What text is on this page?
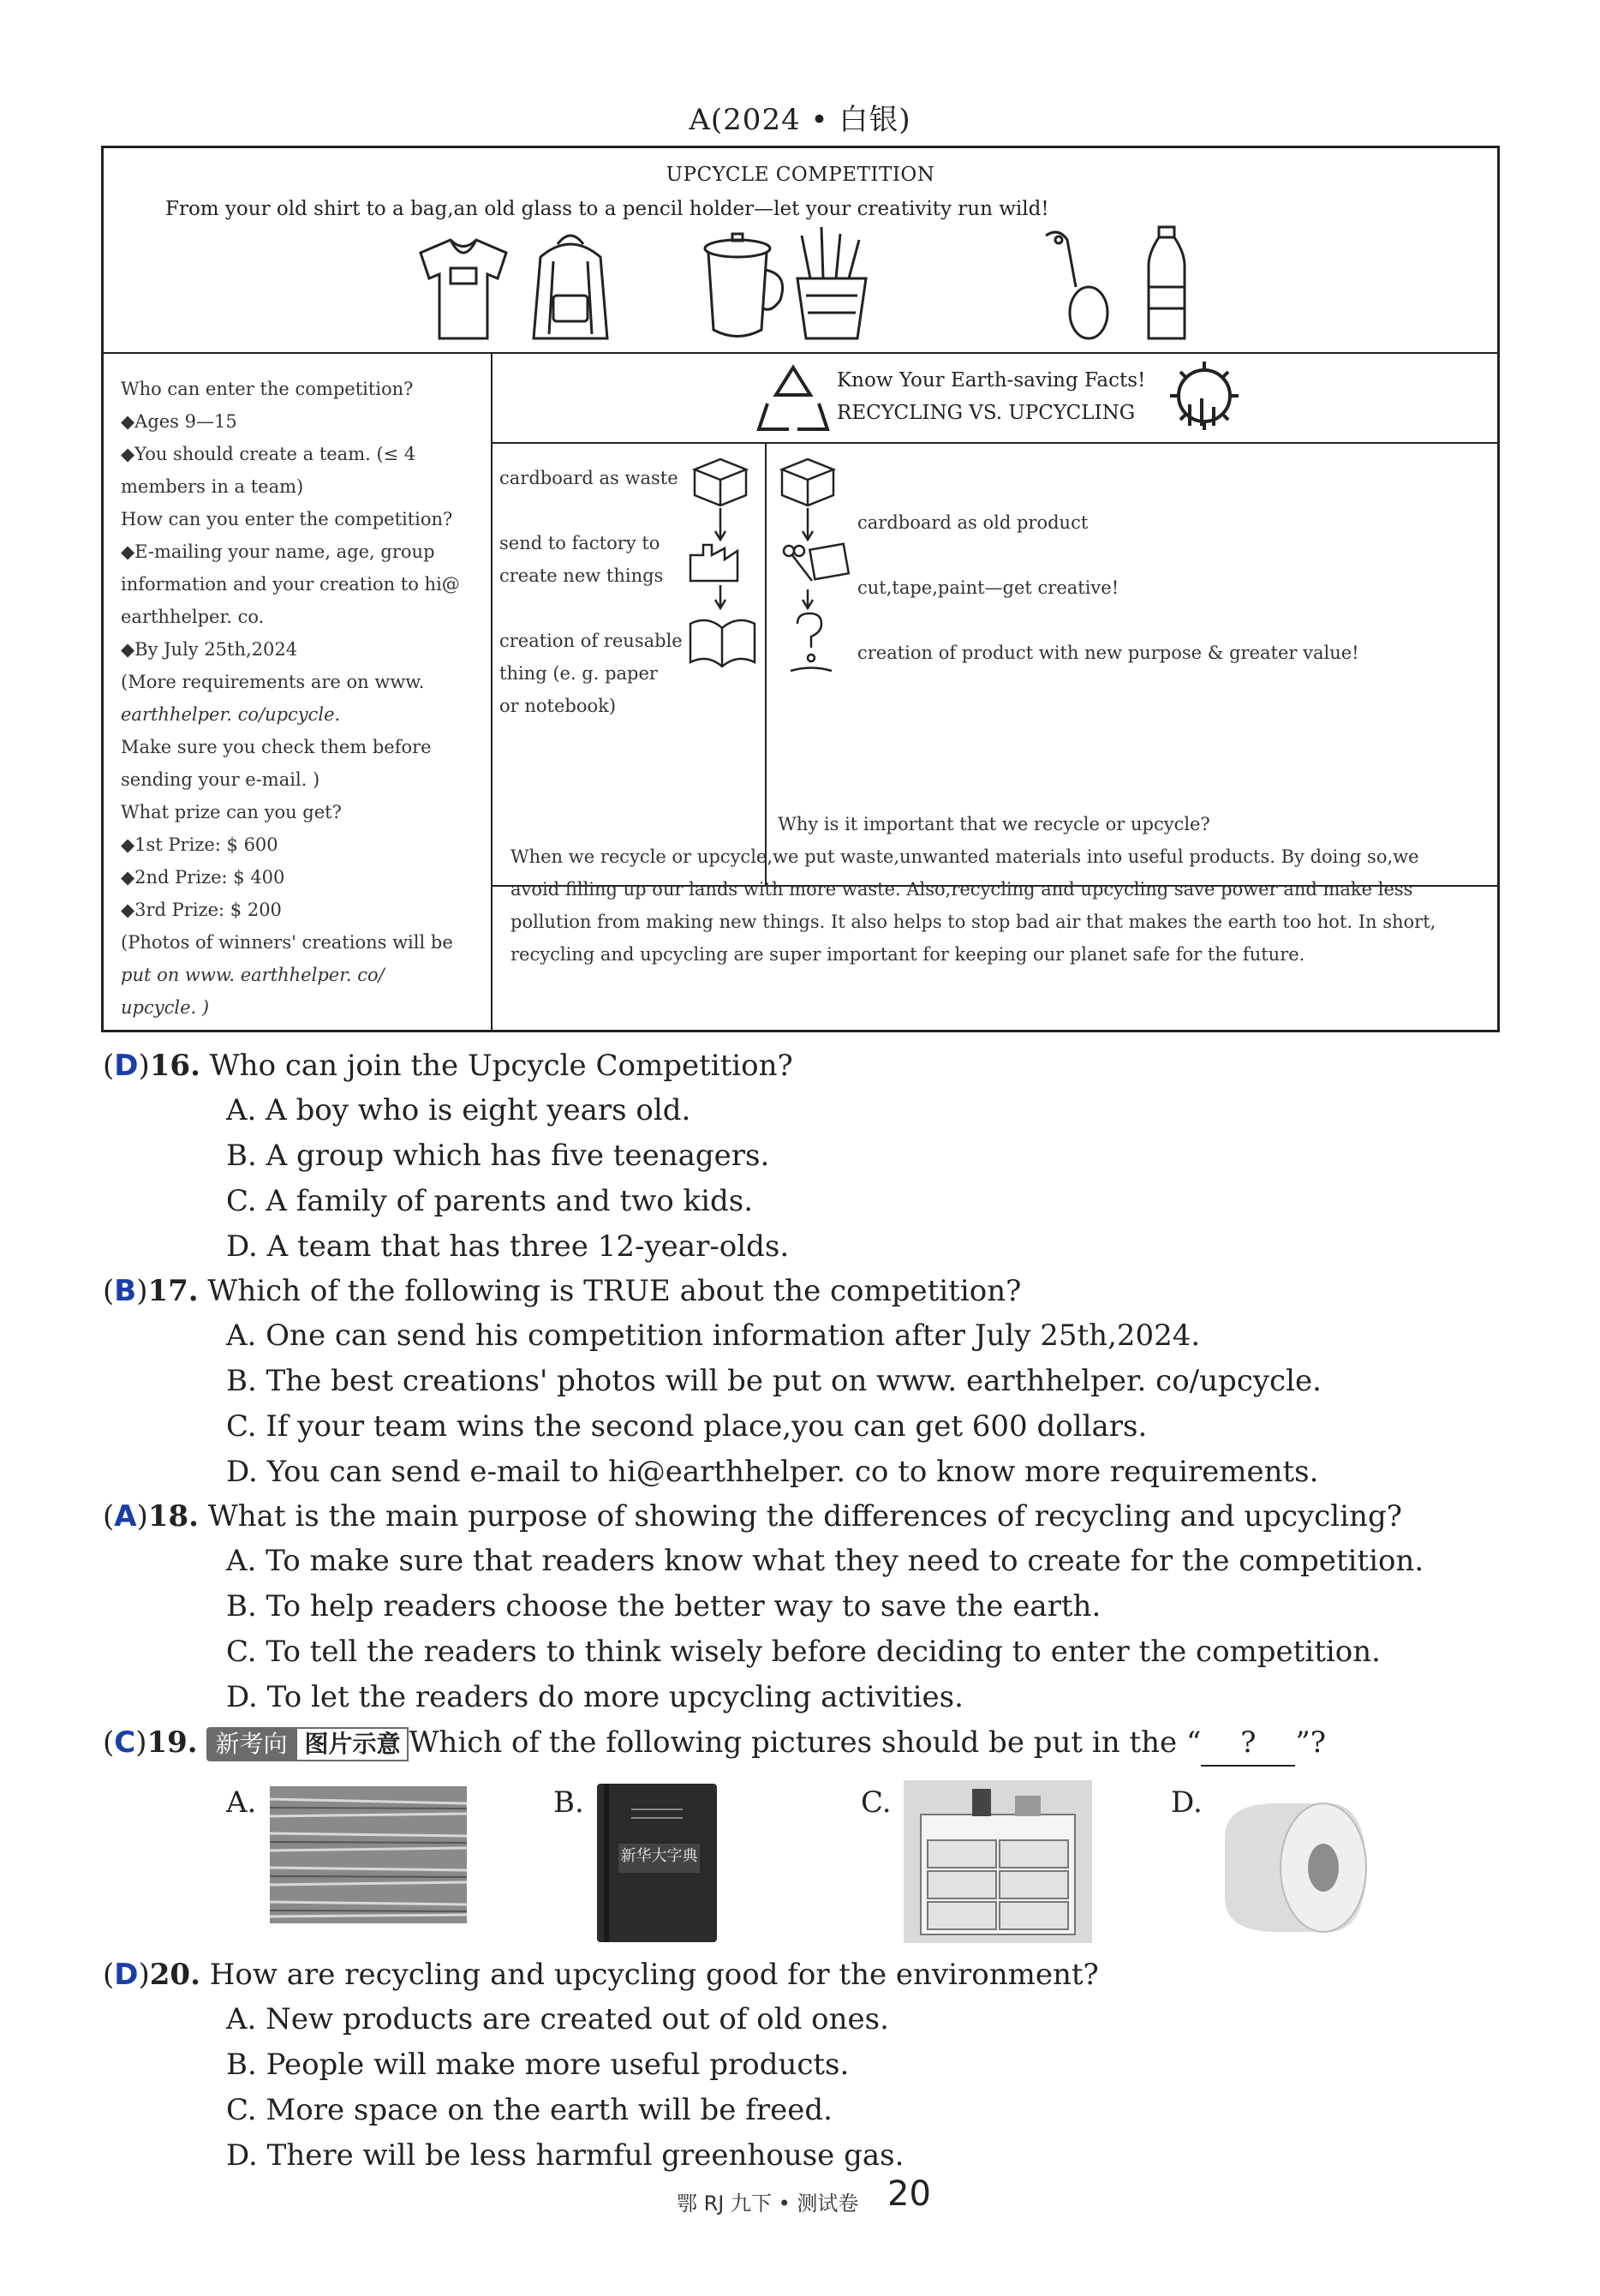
A(2024 • 白银)
UPCYCLE COMPETITION
From your old shirt to a bag,an old glass to a pencil holder—let your creativity run wild!
Who can enter the competition?
◆Ages 9—15
◆You should create a team. (≤ 4
members in a team)
How can you enter the competition?
◆E-mailing your name, age, group
information and your creation to hi@
earthhelper. co.
◆By July 25th,2024
(More requirements are on www.
earthhelper. co/upcycle.
Make sure you check them before
sending your e-mail. )
What prize can you get?
◆1st Prize: $ 600
◆2nd Prize: $ 400
◆3rd Prize: $ 200
(Photos of winners' creations will be
put on www. earthhelper. co/
upcycle. )
Know Your Earth-saving Facts!
RECYCLING VS. UPCYCLING
cardboard as waste
send to factory to
create new things
creation of reusable
thing (e. g. paper
or notebook)
cardboard as old product
cut,tape,paint—get creative!
creation of product with new purpose & greater value!
Why is it important that we recycle or upcycle?
When we recycle or upcycle,we put waste,unwanted materials into useful products. By doing so,we
avoid filling up our lands with more waste. Also,recycling and upcycling save power and make less
pollution from making new things. It also helps to stop bad air that makes the earth too hot. In short,
recycling and upcycling are super important for keeping our planet safe for the future.
(D)16. Who can join the Upcycle Competition?
A. A boy who is eight years old.
B. A group which has five teenagers.
C. A family of parents and two kids.
D. A team that has three 12-year-olds.
(B)17. Which of the following is TRUE about the competition?
A. One can send his competition information after July 25th,2024.
B. The best creations' photos will be put on www. earthhelper. co/upcycle.
C. If your team wins the second place,you can get 600 dollars.
D. You can send e-mail to hi@earthhelper. co to know more requirements.
(A)18. What is the main purpose of showing the differences of recycling and upcycling?
A. To make sure that readers know what they need to create for the competition.
B. To help readers choose the better way to save the earth.
C. To tell the readers to think wisely before deciding to enter the competition.
D. To let the readers do more upcycling activities.
(C)19. 新考向 图片示意 Which of the following pictures should be put in the “ ? ”?
A.	B.
新华大字典
C.	D.
(D)20. How are recycling and upcycling good for the environment?
A. New products are created out of old ones.
B. People will make more useful products.
C. More space on the earth will be freed.
D. There will be less harmful greenhouse gas.
鄂 RJ 九下 • 测试卷 20
